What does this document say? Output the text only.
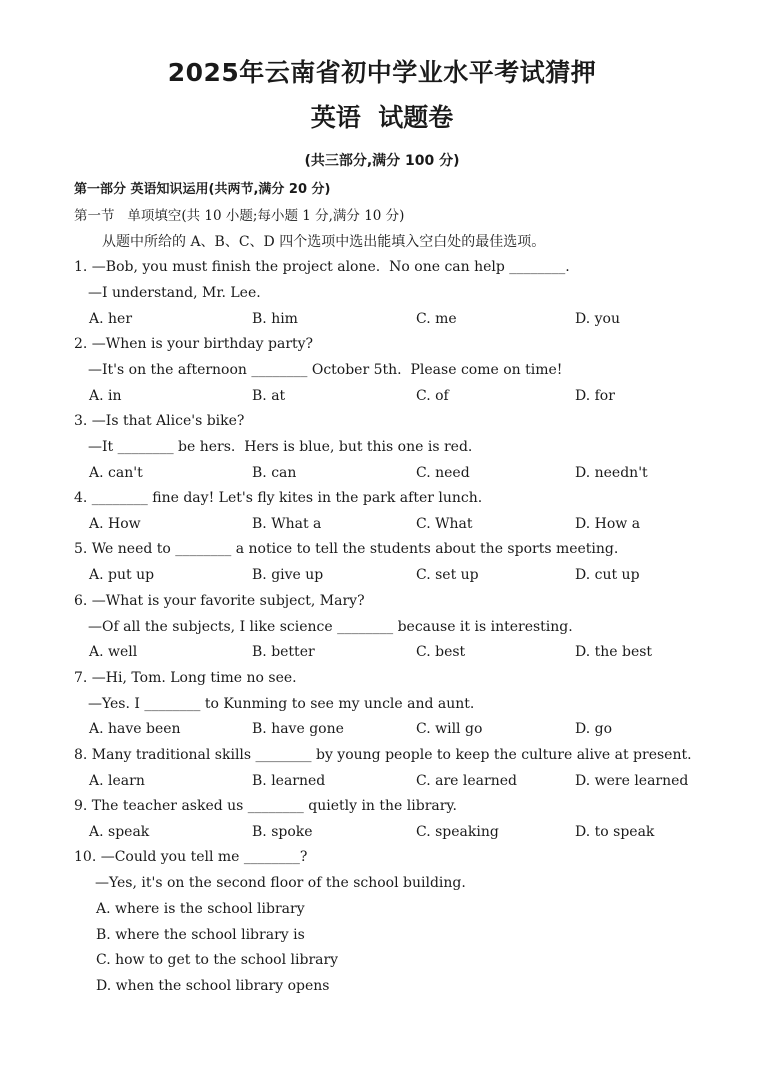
2025年云南省初中学业水平考试猜押
英语  试题卷
(共三部分,满分 100 分)
第一部分 英语知识运用(共两节,满分 20 分)
第一节   单项填空(共 10 小题;每小题 1 分,满分 10 分)
从题中所给的 A、B、C、D 四个选项中选出能填入空白处的最佳选项。
1. —Bob, you must finish the project alone.  No one can help ________.
—I understand, Mr. Lee.
A. her	B. him	C. me	D. you
2. —When is your birthday party?
—It's on the afternoon ________ October 5th.  Please come on time!
A. in	B. at	C. of	D. for
3. —Is that Alice's bike?
—It ________ be hers.  Hers is blue, but this one is red.
A. can't	B. can	C. need	D. needn't
4. ________ fine day! Let's fly kites in the park after lunch.
A. How	B. What a	C. What	D. How a
5. We need to ________ a notice to tell the students about the sports meeting.
A. put up	B. give up	C. set up	D. cut up
6. —What is your favorite subject, Mary?
—Of all the subjects, I like science ________ because it is interesting.
A. well	B. better	C. best	D. the best
7. —Hi, Tom. Long time no see.
—Yes. I ________ to Kunming to see my uncle and aunt.
A. have been	B. have gone	C. will go	D. go
8. Many traditional skills ________ by young people to keep the culture alive at present.
A. learn	B. learned	C. are learned	D. were learned
9. The teacher asked us ________ quietly in the library.
A. speak	B. spoke	C. speaking	D. to speak
10. —Could you tell me ________?
—Yes, it's on the second floor of the school building.
A. where is the school library
B. where the school library is
C. how to get to the school library
D. when the school library opens
